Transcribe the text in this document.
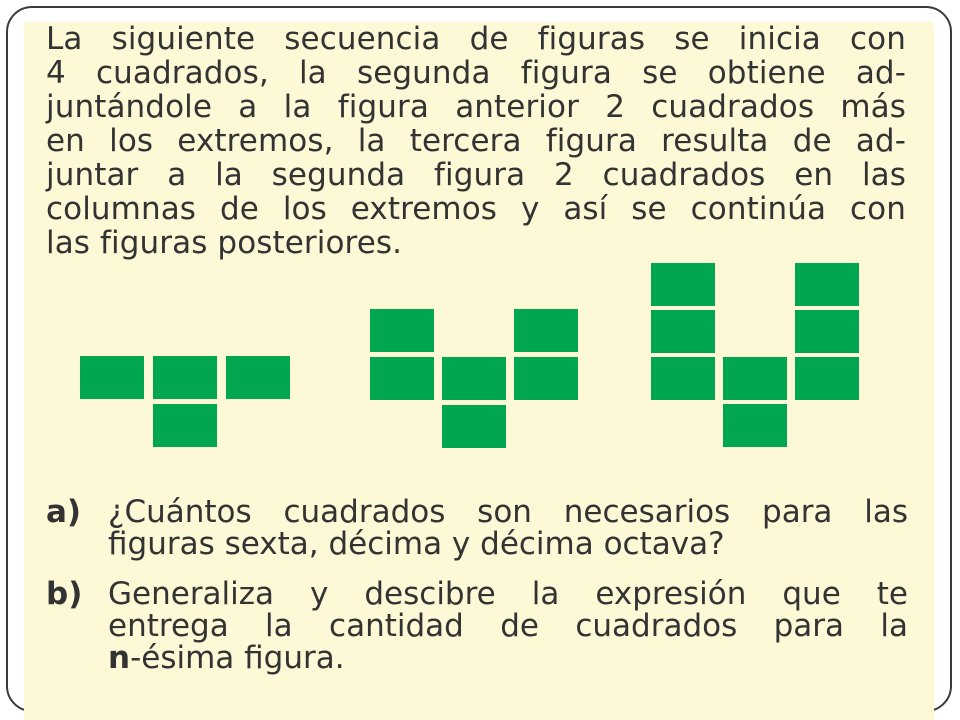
La siguiente secuencia de figuras se inicia con
4 cuadrados, la segunda figura se obtiene ad-
juntándole a la figura anterior 2 cuadrados más
en los extremos, la tercera figura resulta de ad-
juntar a la segunda figura 2 cuadrados en las
columnas de los extremos y así se continúa con
las figuras posteriores.
a) ¿Cuántos cuadrados son necesarios para las
figuras sexta, décima y décima octava?
b) Generaliza y descibre la expresión que te
entrega la cantidad de cuadrados para la
n-ésima figura.
